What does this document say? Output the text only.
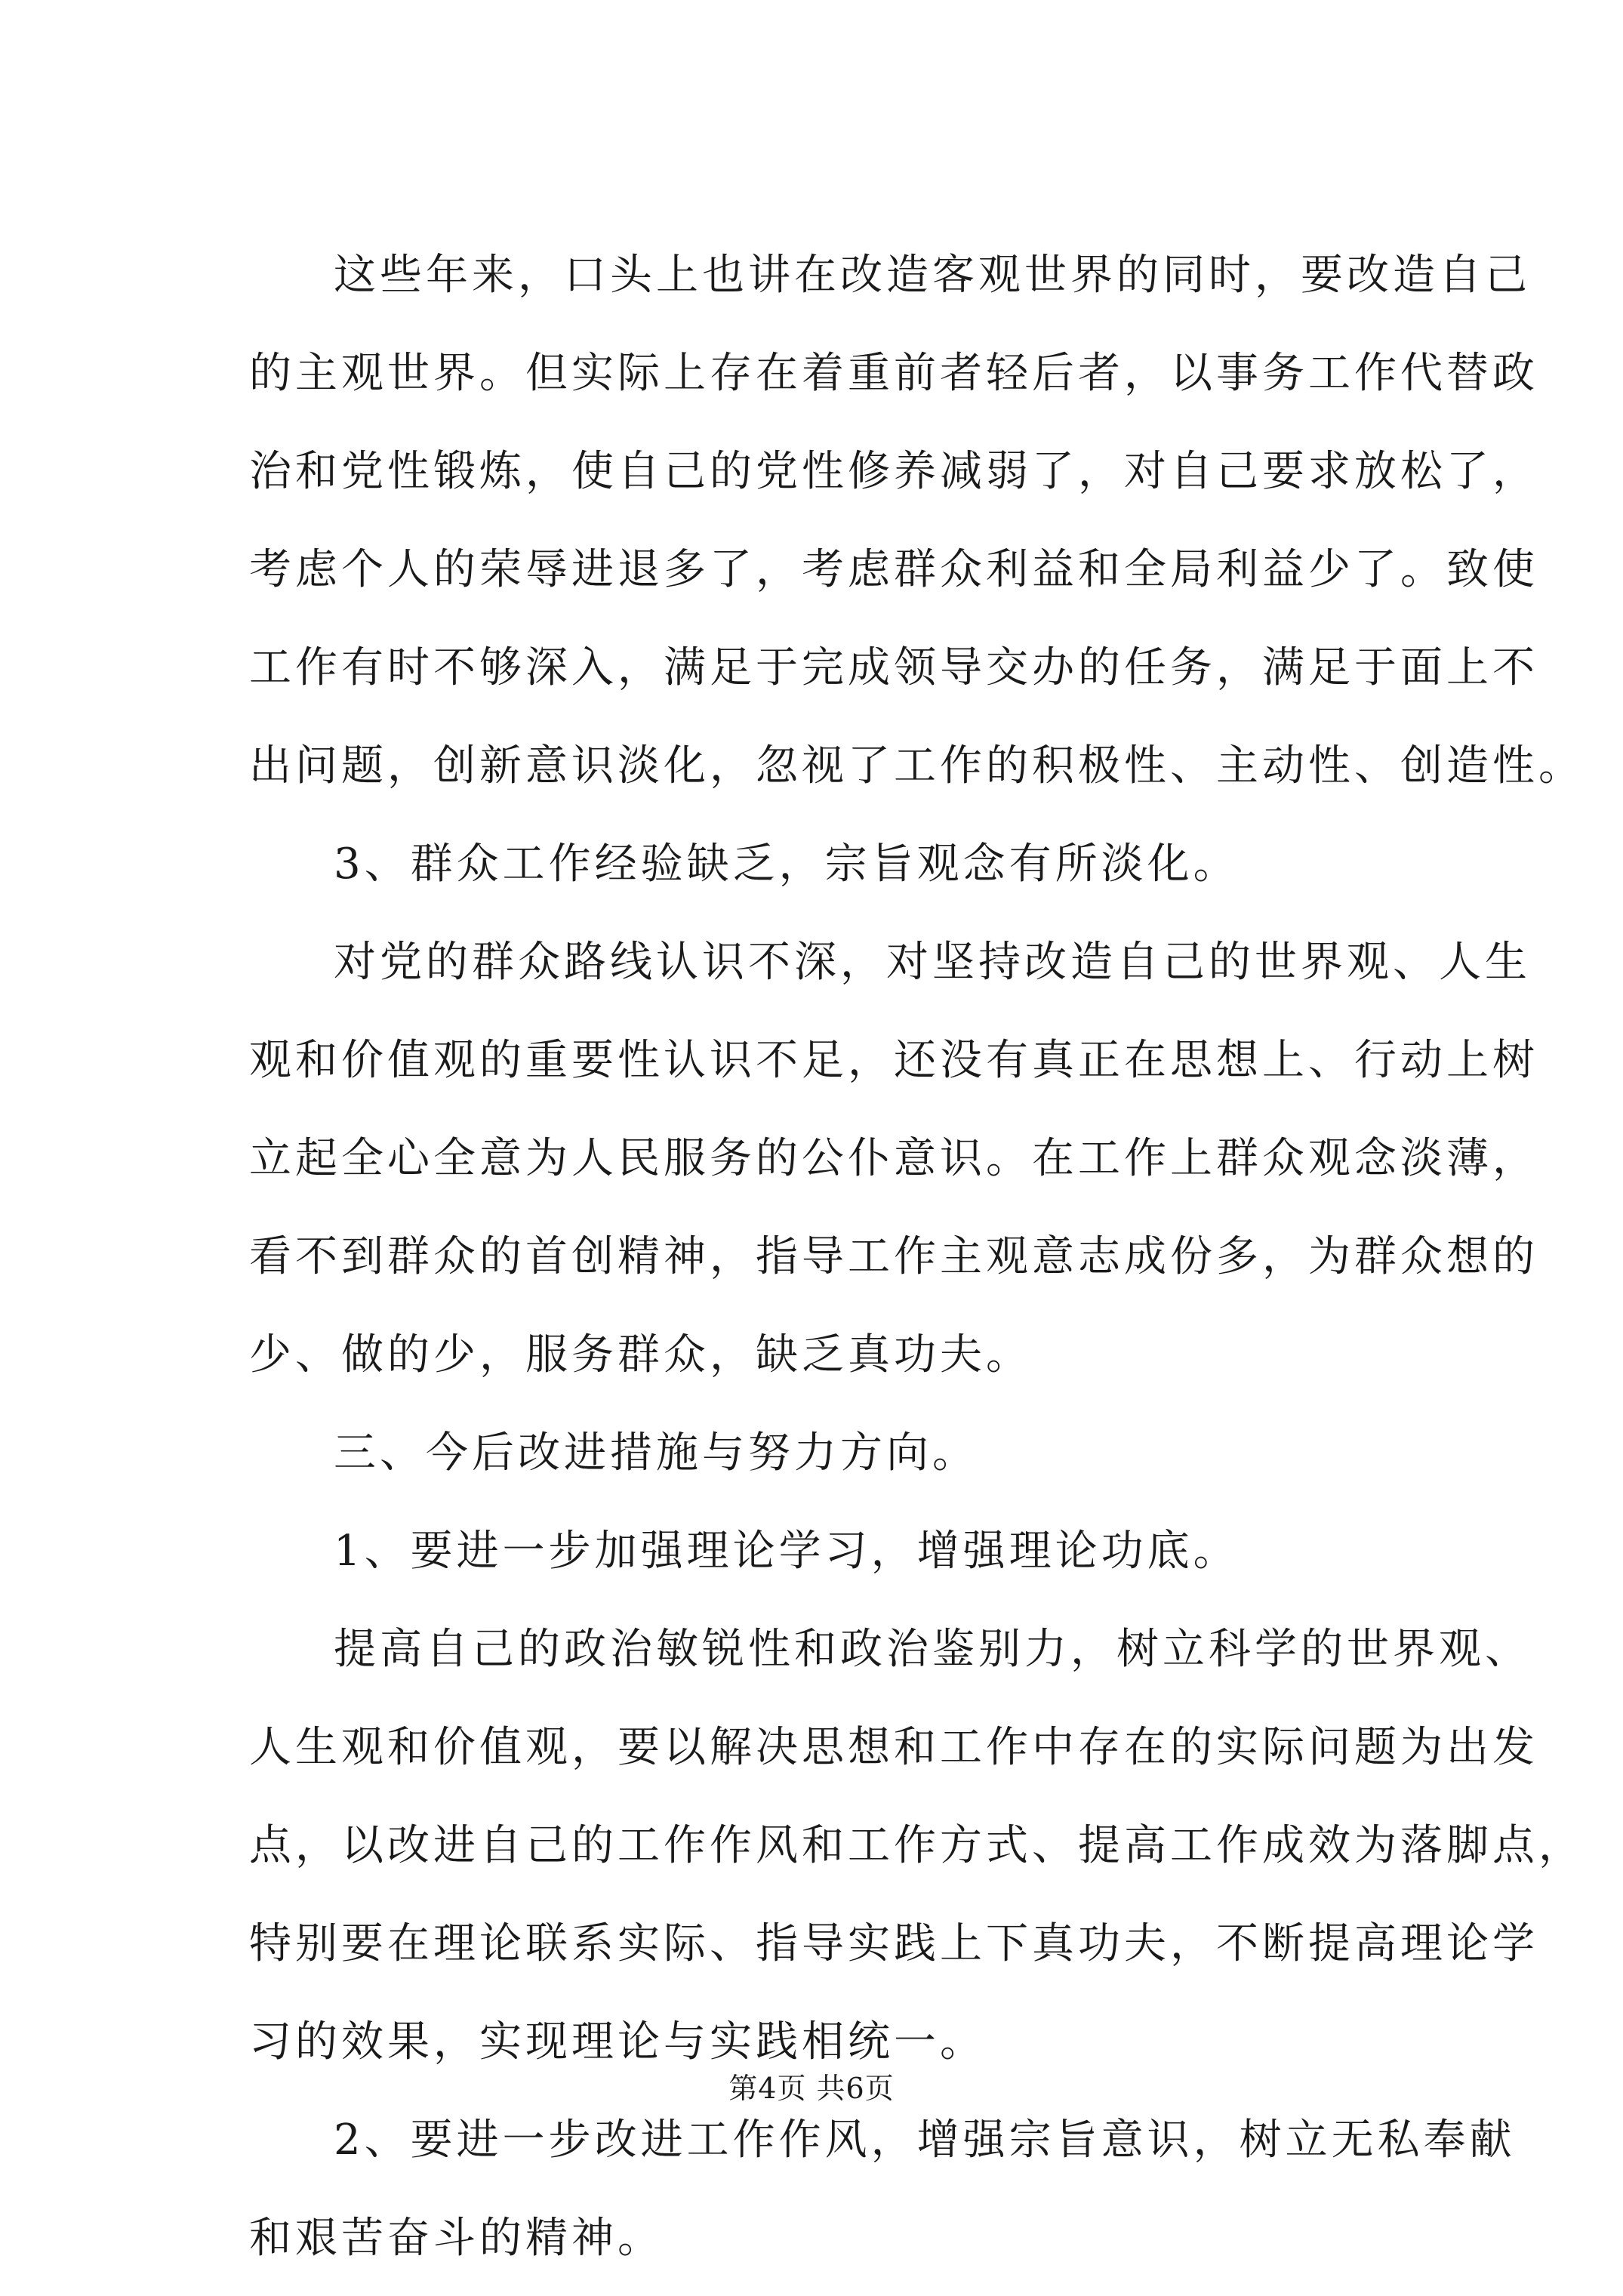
这些年来，口头上也讲在改造客观世界的同时，要改造自己
的主观世界。但实际上存在着重前者轻后者，以事务工作代替政
治和党性锻炼，使自己的党性修养减弱了，对自己要求放松了，
考虑个人的荣辱进退多了，考虑群众利益和全局利益少了。致使
工作有时不够深入，满足于完成领导交办的任务，满足于面上不
出问题，创新意识淡化，忽视了工作的积极性、主动性、创造性。
3、群众工作经验缺乏，宗旨观念有所淡化。
对党的群众路线认识不深，对坚持改造自己的世界观、人生
观和价值观的重要性认识不足，还没有真正在思想上、行动上树
立起全心全意为人民服务的公仆意识。在工作上群众观念淡薄，
看不到群众的首创精神，指导工作主观意志成份多，为群众想的
少、做的少，服务群众，缺乏真功夫。
三、今后改进措施与努力方向。
1、要进一步加强理论学习，增强理论功底。
提高自己的政治敏锐性和政治鉴别力，树立科学的世界观、
人生观和价值观，要以解决思想和工作中存在的实际问题为出发
点，以改进自己的工作作风和工作方式、提高工作成效为落脚点，
特别要在理论联系实际、指导实践上下真功夫，不断提高理论学
习的效果，实现理论与实践相统一。
2、要进一步改进工作作风，增强宗旨意识，树立无私奉献
和艰苦奋斗的精神。
第4页 共6页
